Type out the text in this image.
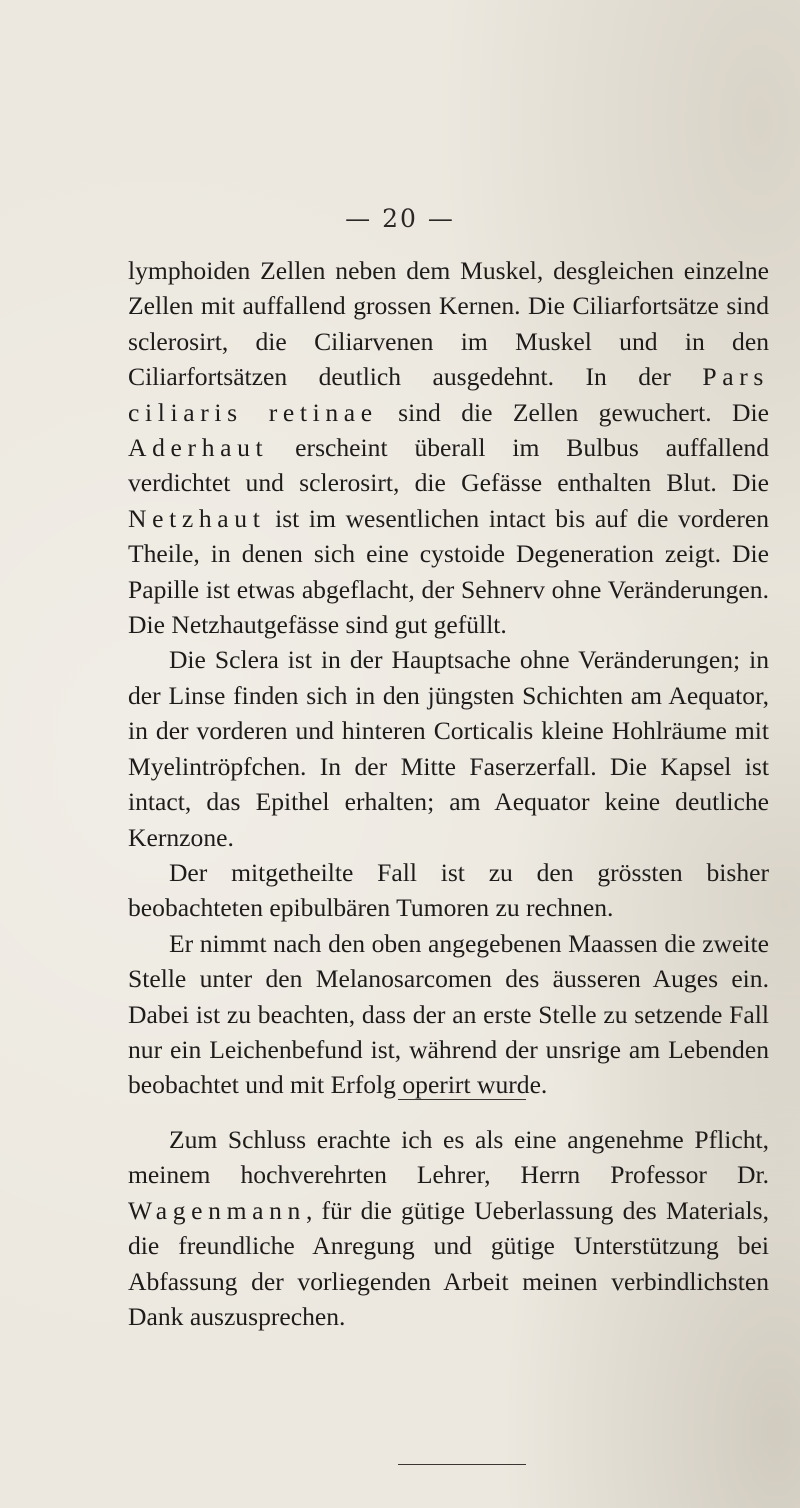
— 20 —

lymphoiden Zellen neben dem Muskel, desgleichen einzelne Zellen mit auffallend grossen Kernen. Die Ciliarfortsätze sind sclerosirt, die Ciliarvenen im Muskel und in den Ciliarfortsätzen deutlich ausgedehnt. In der Pars ciliaris retinae sind die Zellen gewuchert. Die Aderhaut erscheint überall im Bulbus auffallend verdichtet und sclerosirt, die Gefässe enthalten Blut. Die Netzhaut ist im wesentlichen intact bis auf die vorderen Theile, in denen sich eine cystoide Degeneration zeigt. Die Papille ist etwas abgeflacht, der Sehnerv ohne Veränderungen. Die Netzhautgefässe sind gut gefüllt.

Die Sclera ist in der Hauptsache ohne Veränderungen; in der Linse finden sich in den jüngsten Schichten am Aequator, in der vorderen und hinteren Corticalis kleine Hohlräume mit Myelintröpfchen. In der Mitte Faserzerfall. Die Kapsel ist intact, das Epithel erhalten; am Aequator keine deutliche Kernzone.

Der mitgetheilte Fall ist zu den grössten bisher beobachteten epibulbären Tumoren zu rechnen.

Er nimmt nach den oben angegebenen Maassen die zweite Stelle unter den Melanosarcomen des äusseren Auges ein. Dabei ist zu beachten, dass der an erste Stelle zu setzende Fall nur ein Leichenbefund ist, während der unsrige am Lebenden beobachtet und mit Erfolg operirt wurde.

Zum Schluss erachte ich es als eine angenehme Pflicht, meinem hochverehrten Lehrer, Herrn Professor Dr. Wagenmann, für die gütige Ueberlassung des Materials, die freundliche Anregung und gütige Unterstützung bei Abfassung der vorliegenden Arbeit meinen verbindlichsten Dank auszusprechen.
